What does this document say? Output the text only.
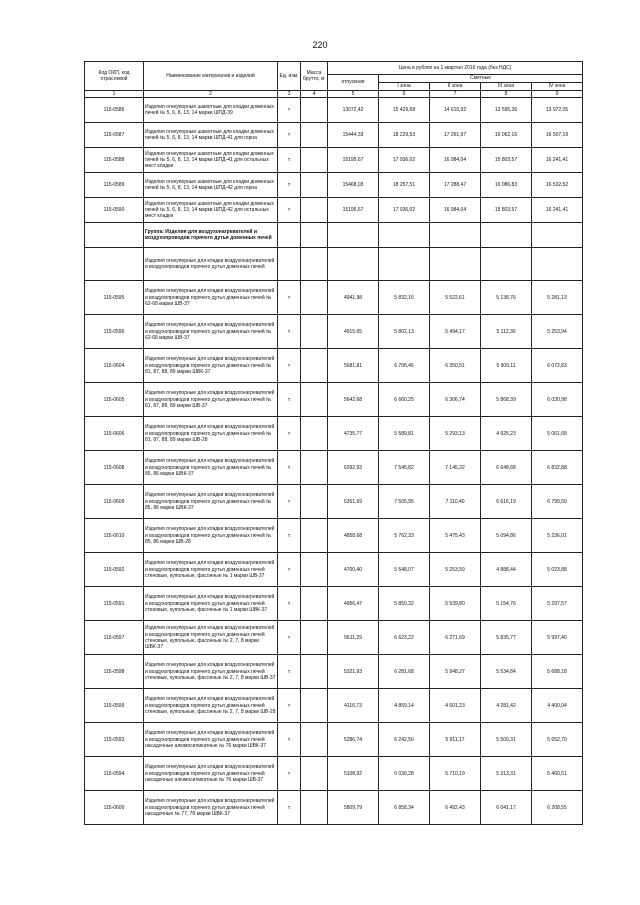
220
Код ОКП, код отраслевой	Наименование материалов и изделий	Ед. изм.	Масса брутто, кг	Цена в рублях на 1 квартал 2016 года (без НДС)				
				отпускная	Сметные			
					I зона	II зона	III зона	IV зона
1	2	3	4	5	6	7	8	9
115-0586	Изделия огнеупорные шамотные для кладки доменных печей № 5, 6, 8, 13, 14 марки ШПД-39	т		13072,42	15 429,68	14 610,92	13 595,36	13 972,05
115-0587	Изделия огнеупорные шамотные для кладки доменных печей № 5, 6, 8, 13, 14 марки ШПД-41 для горна	т		15444,33	18 229,53	17 261,97	16 062,16	16 507,19
115-0588	Изделия огнеупорные шамотные для кладки доменных печей № 5, 6, 8, 13, 14 марки ШПД-41 для остальных мест кладки	т		15195,67	17 936,02	16 984,04	15 803,57	16 241,41
115-0589	Изделия огнеупорные шамотные для кладки доменных печей № 5, 6, 8, 13, 14 марки ШПД-42 для горна	т		15468,03	18 257,51	17 288,47	16 086,83	16 532,52
115-0590	Изделия огнеупорные шамотные для кладки доменных печей № 5, 6, 8, 13, 14 марки ШПД-42 для остальных мест кладки	т		15195,67	17 936,02	16 984,04	15 803,57	16 241,41
	Группа: Изделия для воздухонагревателей и воздухопроводов горячего дутья доменных печей							
	Изделия огнеупорные для кладки воздухонагревателей и воздухопроводов горячего дутья доменных печей							
115-0595	Изделия огнеупорные для кладки воздухонагревателей и воздухопроводов горячего дутья доменных печей № 62-68 марки ШВ-37	т		4941,98	5 832,16	5 522,61	5 138,76	5 281,13
115-0596	Изделия огнеупорные для кладки воздухонагревателей и воздухопроводов горячего дутья доменных печей № 62-68 марки ШВ-37	т		4915,65	5 802,13	5 494,17	5 112,30	5 253,94
115-0604	Изделия огнеупорные для кладки воздухонагревателей и воздухопроводов горячего дутья доменных печей № 81, 87, 88, 89 марки ШВК-37	т		5681,81	6 706,46	6 350,51	5 909,11	6 072,83
115-0605	Изделия огнеупорные для кладки воздухонагревателей и воздухопроводов горячего дутья доменных печей № 81, 87, 88, 89 марки ШВ-37	т		5642,68	6 660,25	6 306,74	5 868,39	6 030,98
115-0606	Изделия огнеупорные для кладки воздухонагревателей и воздухопроводов горячего дутья доменных печей № 81, 87, 88, 89 марки ШВ-28	т		4735,77	5 589,81	5 293,13	4 925,23	5 061,68
115-0608	Изделия огнеупорные для кладки воздухонагревателей и воздухопроводов горячего дутья доменных печей № 85, 86 марки ШВК-37	т		6392,93	7 545,82	7 145,32	6 648,68	6 832,88
115-0609	Изделия огнеупорные для кладки воздухонагревателей и воздухопроводов горячего дутья доменных печей № 85, 86 марки ШВК-37	т		6351,69	7 505,95	7 110,40	6 616,19	6 799,50
115-0610	Изделия огнеупорные для кладки воздухонагревателей и воздухопроводов горячего дутья доменных печей № 85, 86 марки ШВ-28	т		4858,68	5 762,33	5 475,43	5 094,86	5 236,01
115-0592	Изделия огнеупорные для кладки воздухонагревателей и воздухопроводов горячего дутья доменных печей стеновые, купольные, фасонные № 1 марки ШВ-37	т		4700,40	5 548,07	5 253,59	4 888,44	5 023,88
115-0591	Изделия огнеупорные для кладки воздухонагревателей и воздухопроводов горячего дутья доменных печей стеновые, купольные, фасонные № 1 марки ШВК-37	т		4956,47	5 850,32	5 539,80	5 154,76	5 297,57
115-0597	Изделия огнеупорные для кладки воздухонагревателей и воздухопроводов горячего дутья доменных печей стеновые, купольные, фасонные № 2, 7, 8 марки ШВК-37	т		5611,29	6 623,22	6 271,69	5 835,77	5 997,40
115-0598	Изделия огнеупорные для кладки воздухонагревателей и воздухопроводов горячего дутья доменных печей стеновые, купольные, фасонные № 2, 7, 8 марки ШВ-37	т		5321,93	6 281,68	5 948,27	5 534,84	5 688,18
115-0599	Изделия огнеупорные для кладки воздухонагревателей и воздухопроводов горячего дутья доменных печей стеновые, купольные, фасонные № 2, 7, 8 марки ШВ-28	т		4116,73	4 859,14	4 601,23	4 281,42	4 400,04
115-0593	Изделия огнеупорные для кладки воздухонагревателей и воздухопроводов горячего дутья доменных печей насадочные алюмосиликатные № 76 марки ШВК-37	т		5286,74	6 242,50	5 911,17	5 500,31	5 652,70
115-0594	Изделия огнеупорные для кладки воздухонагревателей и воздухопроводов горячего дутья доменных печей насадочные алюмосиликатные № 76 марки ШВ-37	т		5108,92	6 030,28	5 710,19	5 313,31	5 460,51
115-0600	Изделия огнеупорные для кладки воздухонагревателей и воздухопроводов горячего дутья доменных печей насадочные № 77, 78 марки ШВК-37	т		5809,79	6 858,34	6 492,43	6 041,17	6 208,55
